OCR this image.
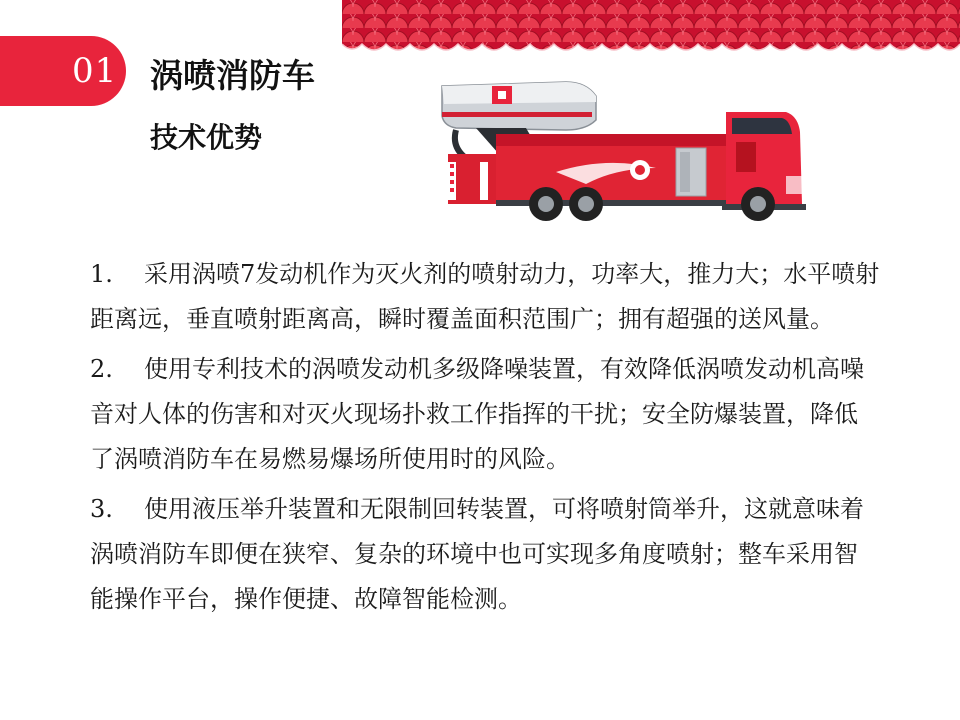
01 涡喷消防车
技术优势

1. 采用涡喷7发动机作为灭火剂的喷射动力，功率大，推力大；水平喷射距离远，垂直喷射距离高，瞬时覆盖面积范围广；拥有超强的送风量。

2. 使用专利技术的涡喷发动机多级降噪装置，有效降低涡喷发动机高噪音对人体的伤害和对灭火现场扑救工作指挥的干扰；安全防爆装置，降低了涡喷消防车在易燃易爆场所使用时的风险。

3. 使用液压举升装置和无限制回转装置，可将喷射筒举升，这就意味着涡喷消防车即便在狭窄、复杂的环境中也可实现多角度喷射；整车采用智能操作平台，操作便捷、故障智能检测。
